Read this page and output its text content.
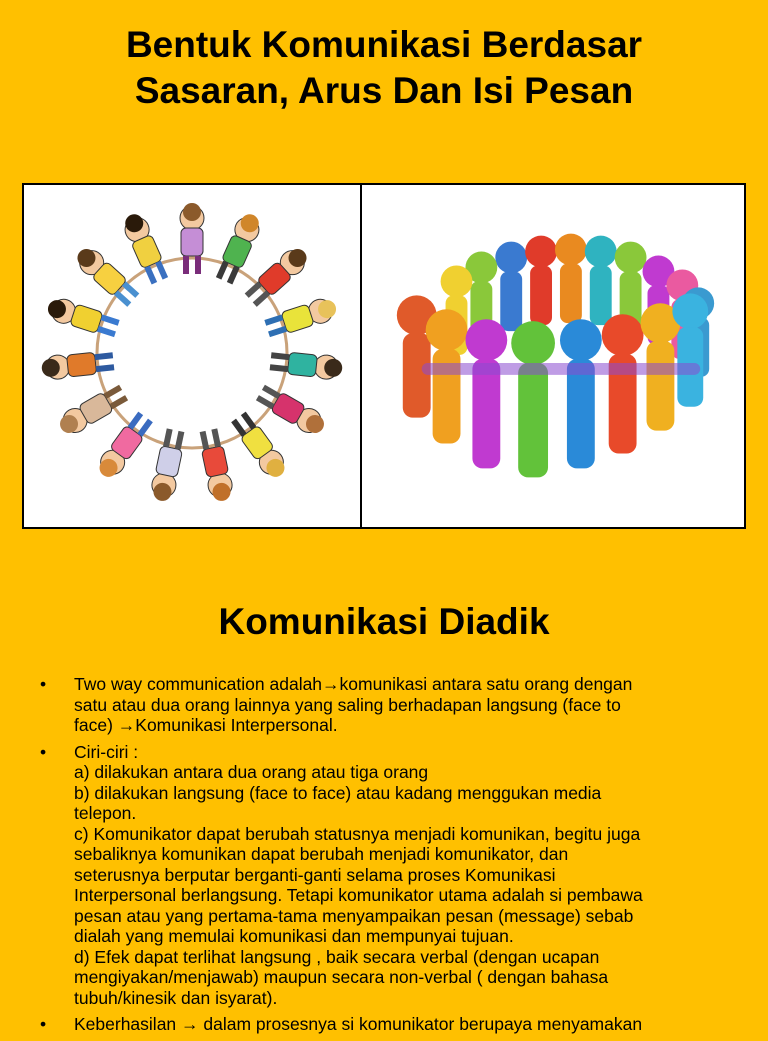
Bentuk Komunikasi Berdasar
Sasaran, Arus Dan Isi Pesan
Komunikasi Diadik
•	Two way communication adalah→komunikasi antara satu orang dengan
satu atau dua orang lainnya yang saling berhadapan langsung (face to
face) →Komunikasi Interpersonal.
•	Ciri-ciri :
a) dilakukan antara dua orang atau tiga orang
b) dilakukan langsung (face to face) atau kadang menggukan media
telepon.
c) Komunikator dapat berubah statusnya menjadi komunikan, begitu juga
sebaliknya komunikan dapat berubah menjadi komunikator, dan
seterusnya berputar berganti-ganti selama proses Komunikasi
Interpersonal berlangsung. Tetapi komunikator utama adalah si pembawa
pesan atau yang pertama-tama menyampaikan pesan (message) sebab
dialah yang memulai komunikasi dan mempunyai tujuan.
d) Efek dapat terlihat langsung , baik secara verbal (dengan ucapan
mengiyakan/menjawab) maupun secara non-verbal ( dengan bahasa
tubuh/kinesik dan isyarat).
•	Keberhasilan → dalam prosesnya si komunikator berupaya menyamakan
